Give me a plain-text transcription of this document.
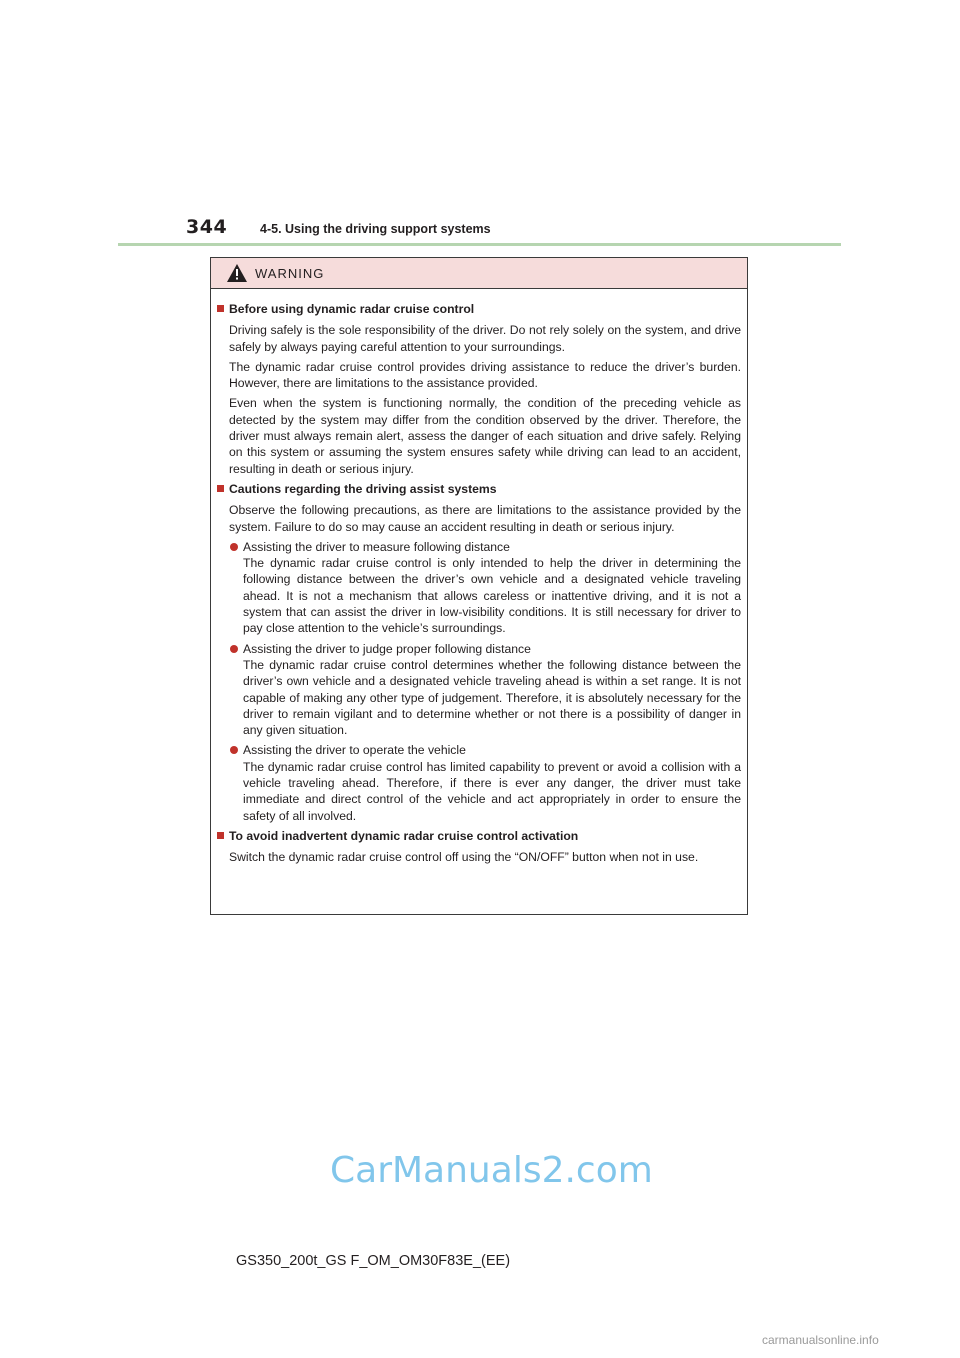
344	4-5. Using the driving support systems
WARNING
Before using dynamic radar cruise control

Driving safely is the sole responsibility of the driver. Do not rely solely on the system, and drive safely by always paying careful attention to your surroundings.

The dynamic radar cruise control provides driving assistance to reduce the driver’s burden. However, there are limitations to the assistance provided.

Even when the system is functioning normally, the condition of the preceding vehicle as detected by the system may differ from the condition observed by the driver. Therefore, the driver must always remain alert, assess the danger of each situation and drive safely. Relying on this system or assuming the system ensures safety while driving can lead to an accident, resulting in death or serious injury.

Cautions regarding the driving assist systems

Observe the following precautions, as there are limitations to the assistance provided by the system. Failure to do so may cause an accident resulting in death or serious injury.

Assisting the driver to measure following distance
The dynamic radar cruise control is only intended to help the driver in determining the following distance between the driver’s own vehicle and a designated vehicle traveling ahead. It is not a mechanism that allows careless or inattentive driving, and it is not a system that can assist the driver in low-visibility conditions. It is still necessary for driver to pay close attention to the vehicle’s surroundings.
Assisting the driver to judge proper following distance
The dynamic radar cruise control determines whether the following distance between the driver’s own vehicle and a designated vehicle traveling ahead is within a set range. It is not capable of making any other type of judgement. Therefore, it is absolutely necessary for the driver to remain vigilant and to determine whether or not there is a possibility of danger in any given situation.
Assisting the driver to operate the vehicle
The dynamic radar cruise control has limited capability to prevent or avoid a collision with a vehicle traveling ahead. Therefore, if there is ever any danger, the driver must take immediate and direct control of the vehicle and act appropriately in order to ensure the safety of all involved.
To avoid inadvertent dynamic radar cruise control activation

Switch the dynamic radar cruise control off using the “ON/OFF” button when not in use.

CarManuals2.com
GS350_200t_GS F_OM_OM30F83E_(EE)
carmanualsonline.info
